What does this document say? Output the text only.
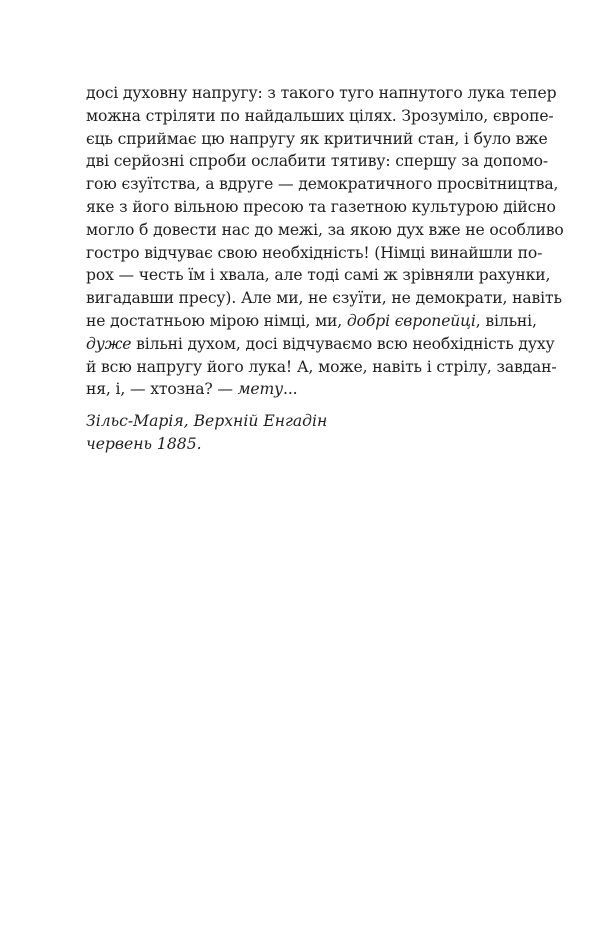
досі духовну напругу: з такого туго напнутого лука тепер
можна стріляти по найдальших цілях. Зрозуміло, європе-
єць сприймає цю напругу як критичний стан, і було вже
дві серйозні спроби ослабити тятиву: спершу за допомо-
гою єзуїтства, а вдруге — демократичного просвітництва,
яке з його вільною пресою та газетною культурою дійсно
могло б довести нас до межі, за якою дух вже не особливо
гостро відчуває свою необхідність! (Німці винайшли по-
рох — честь їм і хвала, але тоді самі ж зрівняли рахунки,
вигадавши пресу). Але ми, не єзуїти, не демократи, навіть
не достатньою мірою німці, ми, добрі європейці, вільні,
дуже вільні духом, досі відчуваємо всю необхідність духу
й всю напругу його лука! А, може, навіть і стрілу, завдан-
ня, і, — хтозна? — мету...
Зільс-Марія, Верхній Енгадін
червень 1885.
